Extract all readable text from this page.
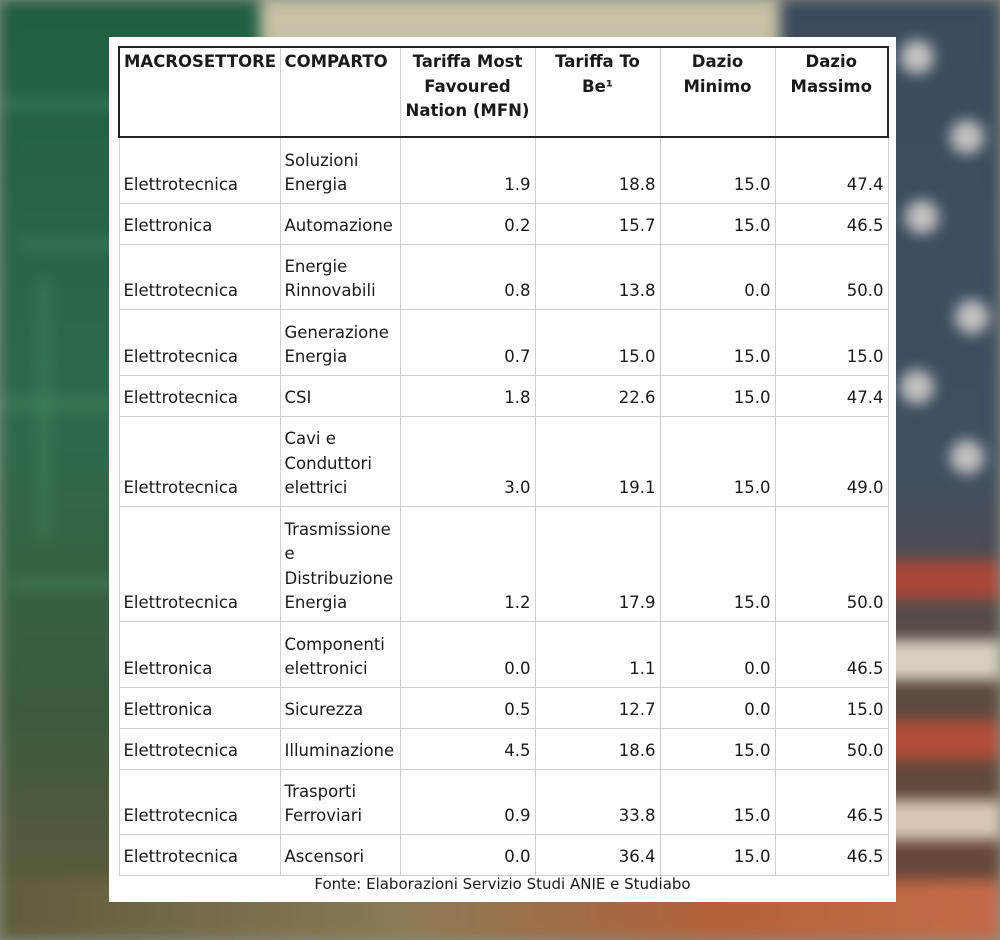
MACROSETTORE	COMPARTO	Tariffa Most Favoured Nation (MFN)	Tariffa To Be¹	Dazio Minimo	Dazio Massimo
Elettrotecnica	Soluzioni Energia	1.9	18.8	15.0	47.4
Elettronica	Automazione	0.2	15.7	15.0	46.5
Elettrotecnica	Energie Rinnovabili	0.8	13.8	0.0	50.0
Elettrotecnica	Generazione Energia	0.7	15.0	15.0	15.0
Elettrotecnica	CSI	1.8	22.6	15.0	47.4
Elettrotecnica	Cavi e Conduttori elettrici	3.0	19.1	15.0	49.0
Elettrotecnica	Trasmissione e Distribuzione Energia	1.2	17.9	15.0	50.0
Elettronica	Componenti elettronici	0.0	1.1	0.0	46.5
Elettronica	Sicurezza	0.5	12.7	0.0	15.0
Elettrotecnica	Illuminazione	4.5	18.6	15.0	50.0
Elettrotecnica	Trasporti Ferroviari	0.9	33.8	15.0	46.5
Elettrotecnica	Ascensori	0.0	36.4	15.0	46.5
Fonte: Elaborazioni Servizio Studi ANIE e Studiabo
